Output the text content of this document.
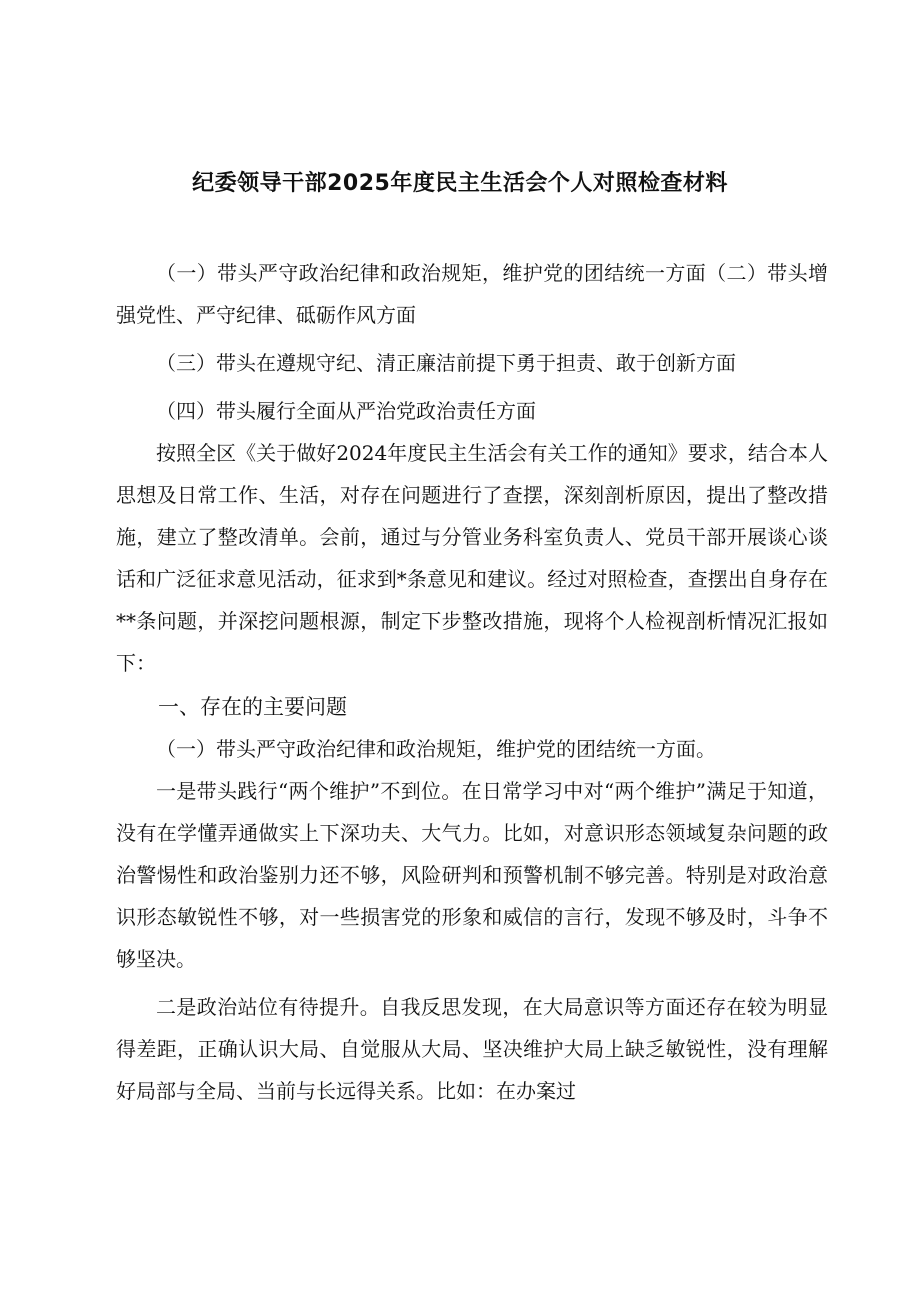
纪委领导干部2025年度民主生活会个人对照检查材料

（一）带头严守政治纪律和政治规矩，维护党的团结统一方面（二）带头增强党性、严守纪律、砥砺作风方面

（三）带头在遵规守纪、清正廉洁前提下勇于担责、敢于创新方面

（四）带头履行全面从严治党政治责任方面

按照全区《关于做好2024年度民主生活会有关工作的通知》要求，结合本人思想及日常工作、生活，对存在问题进行了查摆，深刻剖析原因，提出了整改措施，建立了整改清单。会前，通过与分管业务科室负责人、党员干部开展谈心谈话和广泛征求意见活动，征求到*条意见和建议。经过对照检查，查摆出自身存在**条问题，并深挖问题根源，制定下步整改措施，现将个人检视剖析情况汇报如下：

一、存在的主要问题

（一）带头严守政治纪律和政治规矩，维护党的团结统一方面。

一是带头践行“两个维护”不到位。在日常学习中对“两个维护”满足于知道，没有在学懂弄通做实上下深功夫、大气力。比如，对意识形态领域复杂问题的政治警惕性和政治鉴别力还不够，风险研判和预警机制不够完善。特别是对政治意识形态敏锐性不够，对一些损害党的形象和威信的言行，发现不够及时，斗争不够坚决。

二是政治站位有待提升。自我反思发现，在大局意识等方面还存在较为明显得差距，正确认识大局、自觉服从大局、坚决维护大局上缺乏敏锐性，没有理解好局部与全局、当前与长远得关系。比如：在办案过
